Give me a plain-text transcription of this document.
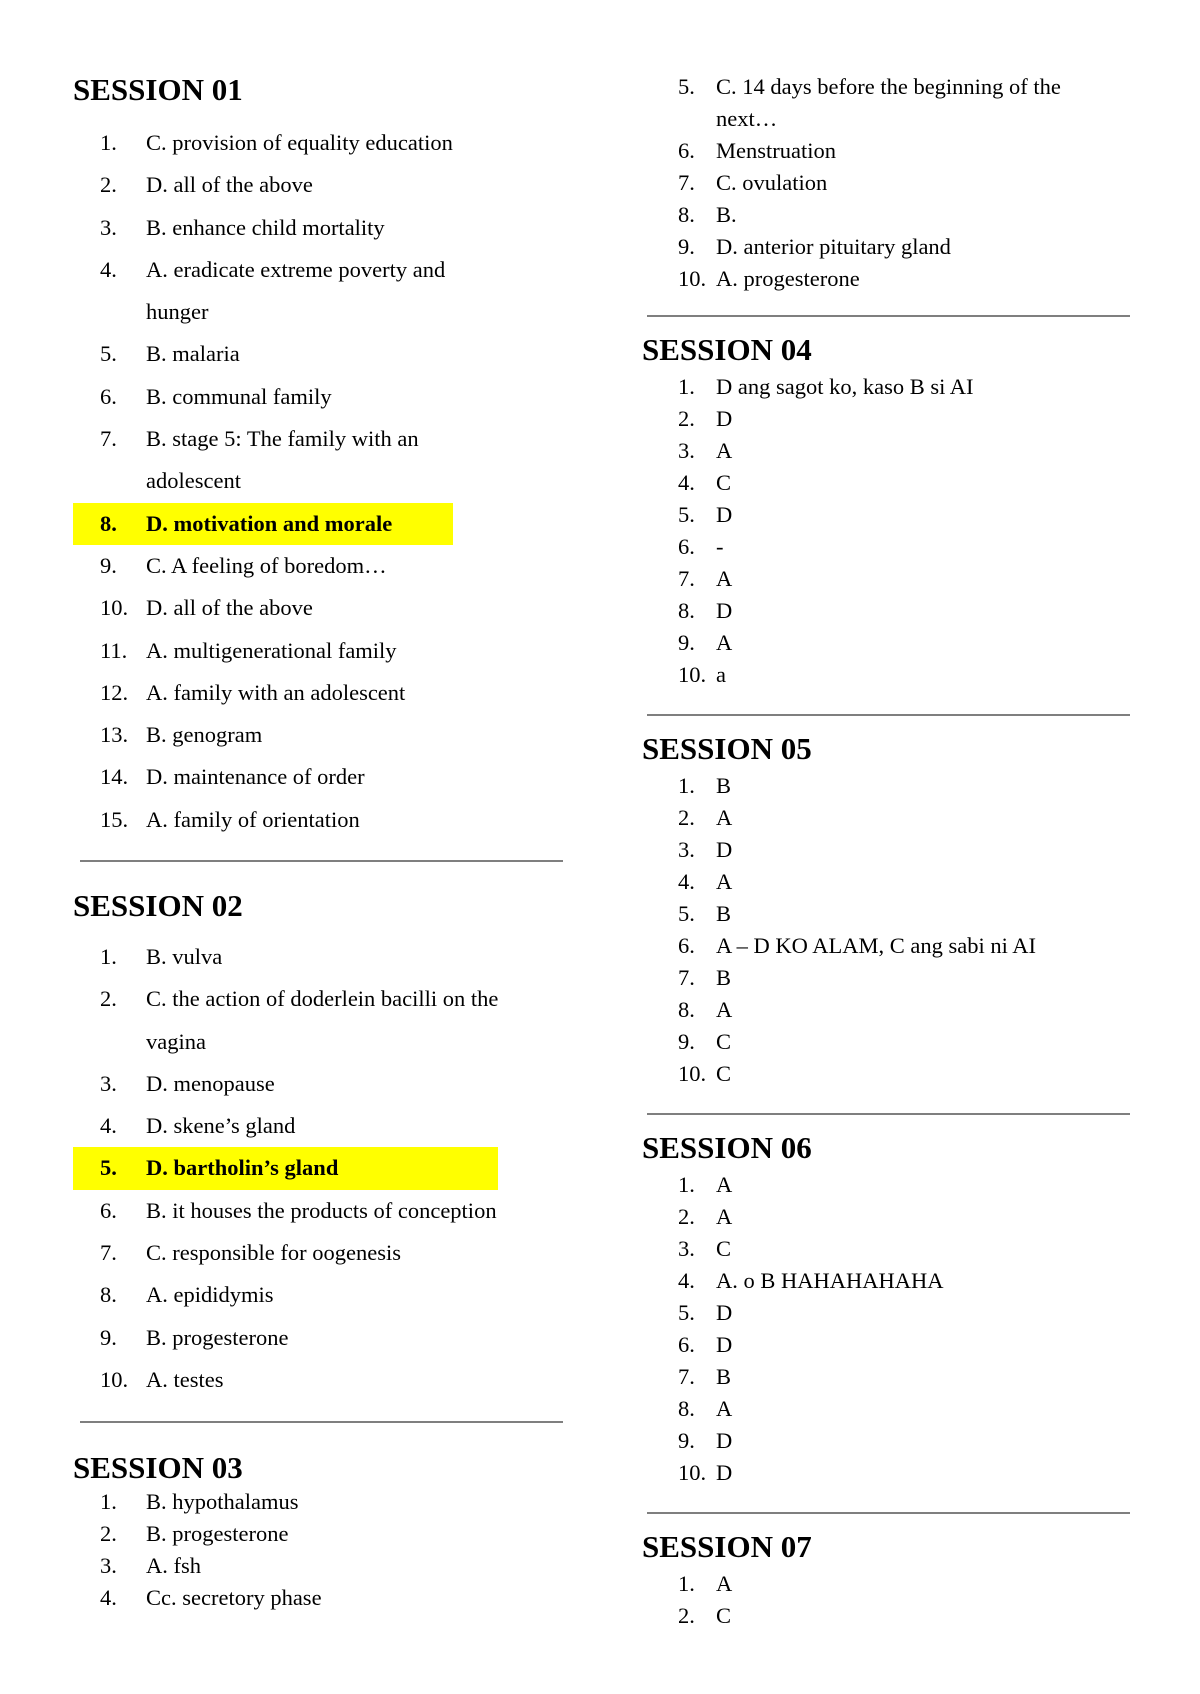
SESSION 01
1.	C. provision of equality education
2.	D. all of the above
3.	B. enhance child mortality
4.	A. eradicate extreme poverty and
hunger
5.	B. malaria
6.	B. communal family
7.	B. stage 5: The family with an
adolescent
8.	D. motivation and morale
9.	C. A feeling of boredom…
10. D. all of the above
11. A. multigenerational family
12. A. family with an adolescent
13. B. genogram
14. D. maintenance of order
15. A. family of orientation
SESSION 02
1.	B. vulva
2.	C. the action of doderlein bacilli on the
vagina
3.	D. menopause
4.	D. skene’s gland
5.	D. bartholin’s gland
6.	B. it houses the products of conception
7.	C. responsible for oogenesis
8.	A. epididymis
9.	B. progesterone
10. A. testes
SESSION 03
1.	B. hypothalamus
2.	B. progesterone
3.	A. fsh
4.	Cc. secretory phase
5. C. 14 days before the beginning of the
next…
6. Menstruation
7. C. ovulation
8. B.
9. D. anterior pituitary gland
10. A. progesterone
SESSION 04
1. D ang sagot ko, kaso B si AI
2. D
3. A
4. C
5. D
6. -
7. A
8. D
9. A
10. a
SESSION 05
1. B
2. A
3. D
4. A
5. B
6. A – D KO ALAM, C ang sabi ni AI
7. B
8. A
9. C
10. C
SESSION 06
1. A
2. A
3. C
4. A. o B HAHAHAHAHA
5. D
6. D
7. B
8. A
9. D
10. D
SESSION 07
1. A
2. C
